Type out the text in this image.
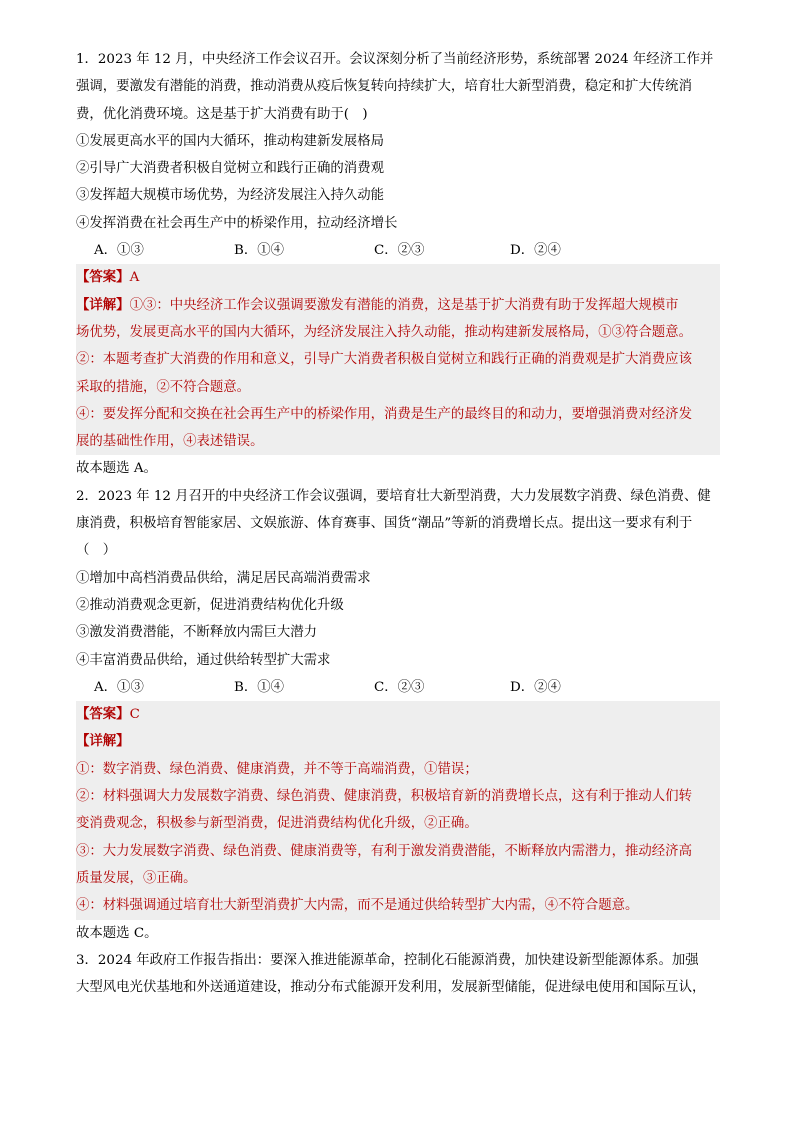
1．2023 年 12 月，中央经济工作会议召开。会议深刻分析了当前经济形势，系统部署 2024 年经济工作并
强调，要激发有潜能的消费，推动消费从疫后恢复转向持续扩大，培育壮大新型消费，稳定和扩大传统消
费，优化消费环境。这是基于扩大消费有助于(　)
①发展更高水平的国内大循环，推动构建新发展格局
②引导广大消费者积极自觉树立和践行正确的消费观
③发挥超大规模市场优势，为经济发展注入持久动能
④发挥消费在社会再生产中的桥梁作用，拉动经济增长
A．①③	B．①④	C．②③	D．②④
【答案】A
【详解】①③：中央经济工作会议强调要激发有潜能的消费，这是基于扩大消费有助于发挥超大规模市
场优势，发展更高水平的国内大循环，为经济发展注入持久动能，推动构建新发展格局，①③符合题意。
②：本题考查扩大消费的作用和意义，引导广大消费者积极自觉树立和践行正确的消费观是扩大消费应该
采取的措施，②不符合题意。
④：要发挥分配和交换在社会再生产中的桥梁作用，消费是生产的最终目的和动力，要增强消费对经济发
展的基础性作用，④表述错误。
故本题选 A。
2．2023 年 12 月召开的中央经济工作会议强调，要培育壮大新型消费，大力发展数字消费、绿色消费、健
康消费，积极培育智能家居、文娱旅游、体育赛事、国货“潮品”等新的消费增长点。提出这一要求有利于
（　）
①增加中高档消费品供给，满足居民高端消费需求
②推动消费观念更新，促进消费结构优化升级
③激发消费潜能，不断释放内需巨大潜力
④丰富消费品供给，通过供给转型扩大需求
A．①③	B．①④	C．②③	D．②④
【答案】C
【详解】
①：数字消费、绿色消费、健康消费，并不等于高端消费，①错误；
②：材料强调大力发展数字消费、绿色消费、健康消费，积极培育新的消费增长点，这有利于推动人们转
变消费观念，积极参与新型消费，促进消费结构优化升级，②正确。
③：大力发展数字消费、绿色消费、健康消费等，有利于激发消费潜能，不断释放内需潜力，推动经济高
质量发展，③正确。
④：材料强调通过培育壮大新型消费扩大内需，而不是通过供给转型扩大内需，④不符合题意。
故本题选 C。
3．2024 年政府工作报告指出：要深入推进能源革命，控制化石能源消费，加快建设新型能源体系。加强
大型风电光伏基地和外送通道建设，推动分布式能源开发利用，发展新型储能，促进绿电使用和国际互认，
